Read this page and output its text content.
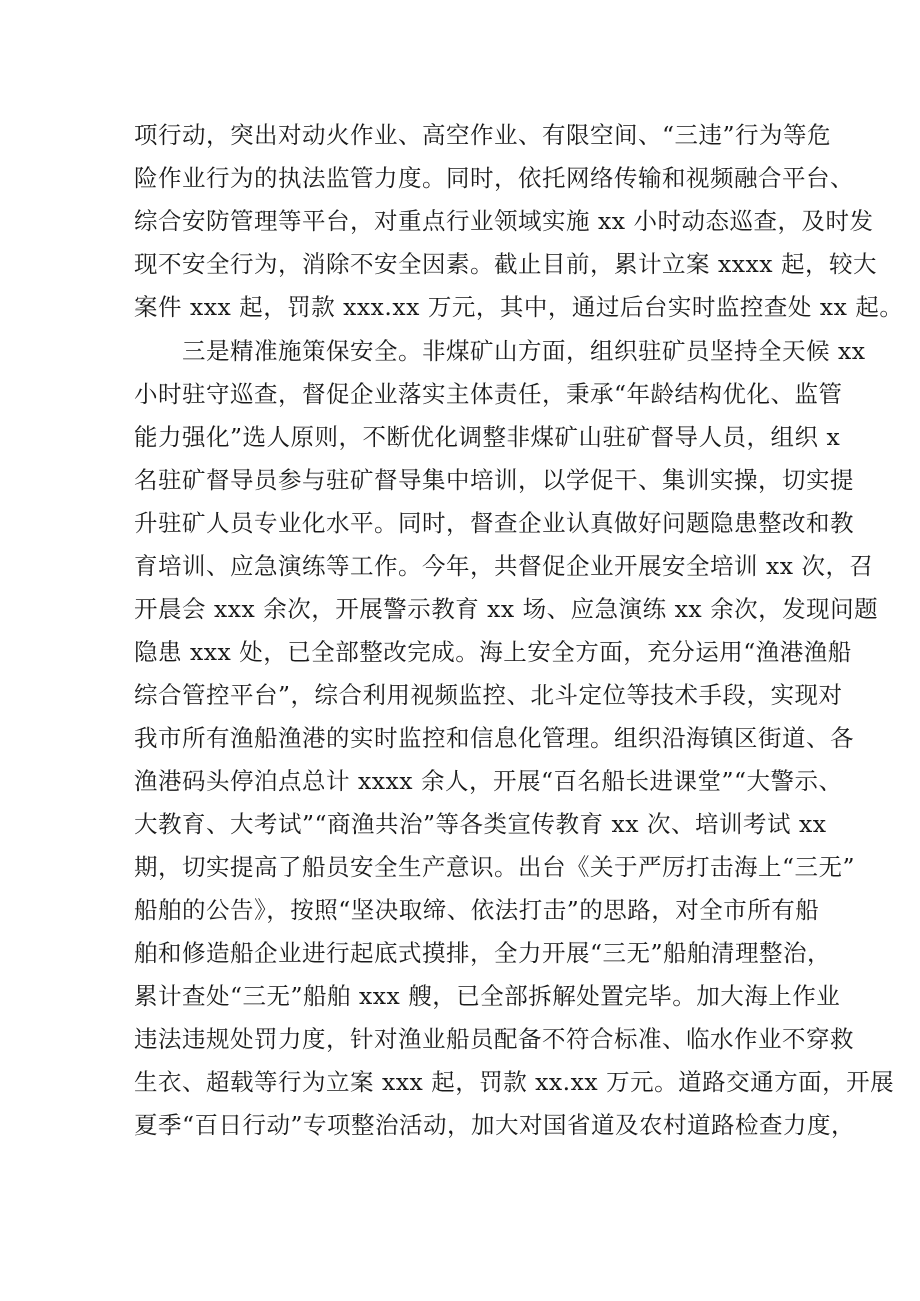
项行动，突出对动火作业、高空作业、有限空间、“三违”行为等危
险作业行为的执法监管力度。同时，依托网络传输和视频融合平台、
综合安防管理等平台，对重点行业领域实施 xx 小时动态巡查，及时发
现不安全行为，消除不安全因素。截止目前，累计立案 xxxx 起，较大
案件 xxx 起，罚款 xxx.xx 万元，其中，通过后台实时监控查处 xx 起。
三是精准施策保安全。非煤矿山方面，组织驻矿员坚持全天候 xx
小时驻守巡查，督促企业落实主体责任，秉承“年龄结构优化、监管
能力强化”选人原则，不断优化调整非煤矿山驻矿督导人员，组织 x
名驻矿督导员参与驻矿督导集中培训，以学促干、集训实操，切实提
升驻矿人员专业化水平。同时，督查企业认真做好问题隐患整改和教
育培训、应急演练等工作。今年，共督促企业开展安全培训 xx 次，召
开晨会 xxx 余次，开展警示教育 xx 场、应急演练 xx 余次，发现问题
隐患 xxx 处，已全部整改完成。海上安全方面，充分运用“渔港渔船
综合管控平台”，综合利用视频监控、北斗定位等技术手段，实现对
我市所有渔船渔港的实时监控和信息化管理。组织沿海镇区街道、各
渔港码头停泊点总计 xxxx 余人，开展“百名船长进课堂”“大警示、
大教育、大考试”“商渔共治”等各类宣传教育 xx 次、培训考试 xx
期，切实提高了船员安全生产意识。出台《关于严厉打击海上“三无”
船舶的公告》，按照“坚决取缔、依法打击”的思路，对全市所有船
舶和修造船企业进行起底式摸排，全力开展“三无”船舶清理整治，
累计查处“三无”船舶 xxx 艘，已全部拆解处置完毕。加大海上作业
违法违规处罚力度，针对渔业船员配备不符合标准、临水作业不穿救
生衣、超载等行为立案 xxx 起，罚款 xx.xx 万元。道路交通方面，开展
夏季“百日行动”专项整治活动，加大对国省道及农村道路检查力度，
